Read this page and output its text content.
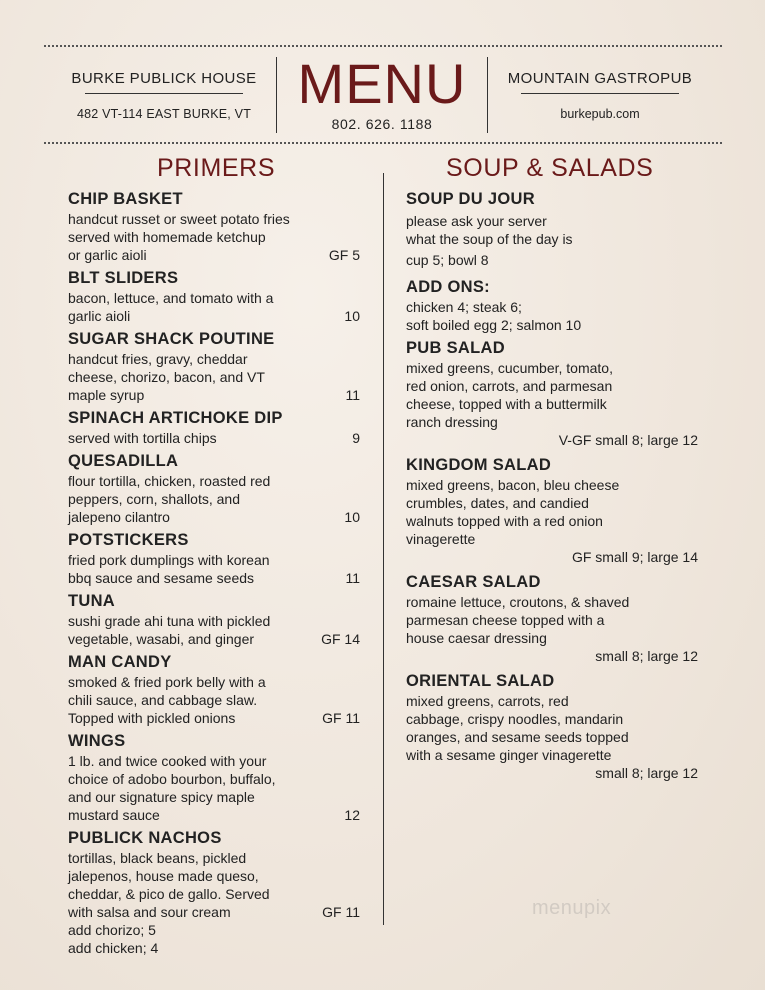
BURKE PUBLICK HOUSE
482 VT-114 EAST BURKE, VT MENU
802. 626. 1188
MOUNTAIN GASTROPUB
burkepub.com
PRIMERS	SOUP & SALADS
CHIP BASKET
handcut russet or sweet potato fries
served with homemade ketchup
or garlic aioli	GF 5
BLT SLIDERS
bacon, lettuce, and tomato with a
garlic aioli	10
SUGAR SHACK POUTINE
handcut fries, gravy, cheddar
cheese, chorizo, bacon, and VT
maple syrup	11
SPINACH ARTICHOKE DIP
served with tortilla chips	9
QUESADILLA
flour tortilla, chicken, roasted red
peppers, corn, shallots, and
jalepeno cilantro	10
POTSTICKERS
fried pork dumplings with korean
bbq sauce and sesame seeds	11
TUNA
sushi grade ahi tuna with pickled
vegetable, wasabi, and ginger	GF 14
MAN CANDY
smoked & fried pork belly with a
chili sauce, and cabbage slaw.
Topped with pickled onions	GF 11
WINGS
1 lb. and twice cooked with your
choice of adobo bourbon, buffalo,
and our signature spicy maple
mustard sauce	12
PUBLICK NACHOS
tortillas, black beans, pickled
jalepenos, house made queso,
cheddar, & pico de gallo. Served
with salsa and sour cream	GF 11
add chorizo; 5
add chicken; 4
SOUP DU JOUR
please ask your server
what the soup of the day is
cup 5; bowl 8
ADD ONS:
chicken 4; steak 6;
soft boiled egg 2; salmon 10
PUB SALAD
mixed greens, cucumber, tomato,
red onion, carrots, and parmesan
cheese, topped with a buttermilk
ranch dressing
V-GF small 8; large 12
KINGDOM SALAD
mixed greens, bacon, bleu cheese
crumbles, dates, and candied
walnuts topped with a red onion
vinagerette
GF small 9; large 14
CAESAR SALAD
romaine lettuce, croutons, & shaved
parmesan cheese topped with a
house caesar dressing
small 8; large 12
ORIENTAL SALAD
mixed greens, carrots, red
cabbage, crispy noodles, mandarin
oranges, and sesame seeds topped
with a sesame ginger vinagerette
small 8; large 12
menupix
